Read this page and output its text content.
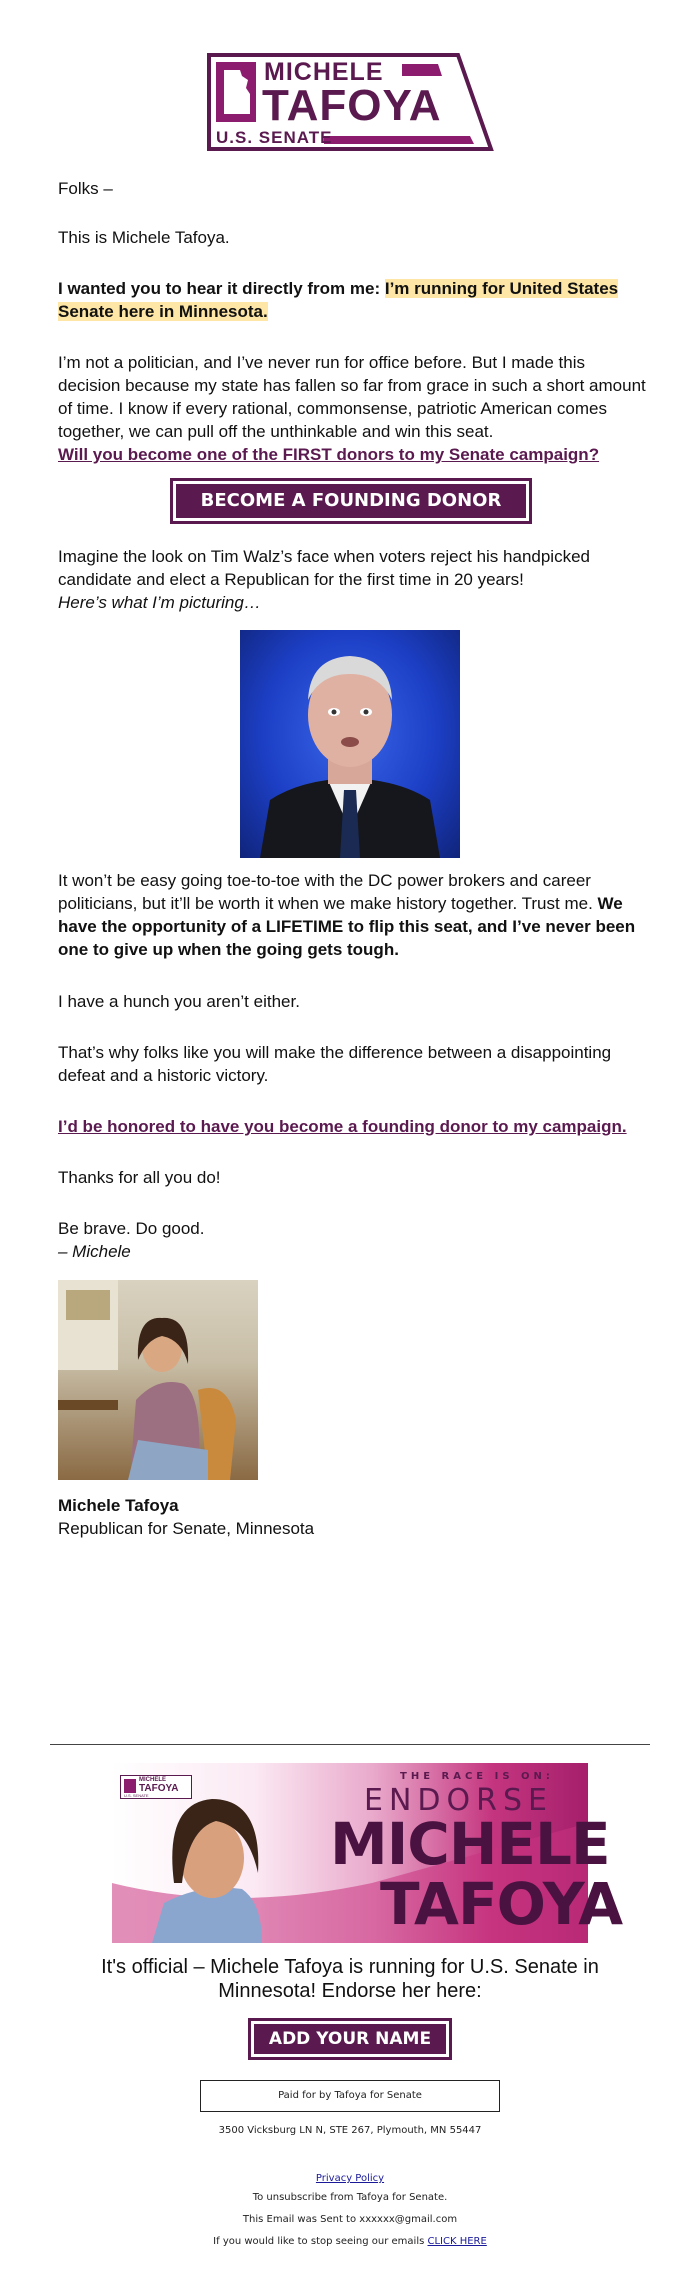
MICHELE
TAFOYA
U.S. SENATE

Folks –

This is Michele Tafoya.

I wanted you to hear it directly from me: I’m running for United States Senate here in Minnesota.

I’m not a politician, and I’ve never run for office before. But I made this decision because my state has fallen so far from grace in such a short amount of time. I know if every rational, commonsense, patriotic American comes together, we can pull off the unthinkable and win this seat.

Will you become one of the FIRST donors to my Senate campaign?

BECOME A FOUNDING DONOR

Imagine the look on Tim Walz’s face when voters reject his handpicked candidate and elect a Republican for the first time in 20 years!

Here’s what I’m picturing…

It won’t be easy going toe-to-toe with the DC power brokers and career politicians, but it’ll be worth it when we make history together. Trust me. We have the opportunity of a LIFETIME to flip this seat, and I’ve never been one to give up when the going gets tough.

I have a hunch you aren’t either.

That’s why folks like you will make the difference between a disappointing defeat and a historic victory.

I’d be honored to have you become a founding donor to my campaign.

Thanks for all you do!

Be brave. Do good.

– Michele

Michele Tafoya

Republican for Senate, Minnesota

MICHELE
TAFOYA
U.S. SENATE
THE RACE IS ON:
ENDORSE
MICHELE
TAFOYA
It's official – Michele Tafoya is running for U.S. Senate in Minnesota! Endorse her here:
ADD YOUR NAME
Paid for by Tafoya for Senate
3500 Vicksburg LN N, STE 267, Plymouth, MN 55447
Privacy Policy
To unsubscribe from Tafoya for Senate.
This Email was Sent to xxxxxx@gmail.com
If you would like to stop seeing our emails CLICK HERE
